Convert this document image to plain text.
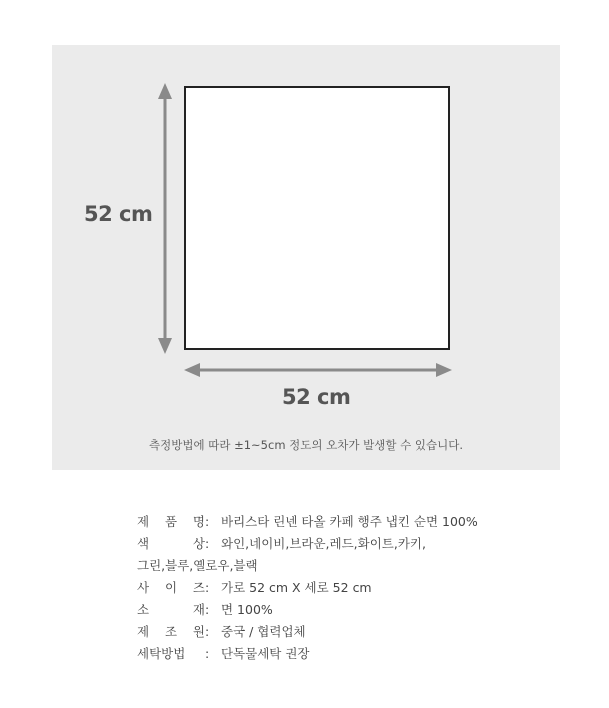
52 cm
52 cm
측정방법에 따라 ±1~5cm 정도의 오차가 발생할 수 있습니다.
제 품 명 : 바리스타 린넨 타올 카페 행주 냅킨 순면 100%
색	상 : 와인,네이비,브라운,레드,화이트,카키,
그린,블루,옐로우,블랙
사 이 즈 : 가로 52 cm X 세로 52 cm
소	재 : 면 100%
제 조 원 : 중국 / 협력업체
세탁방법	: 단독물세탁 권장
